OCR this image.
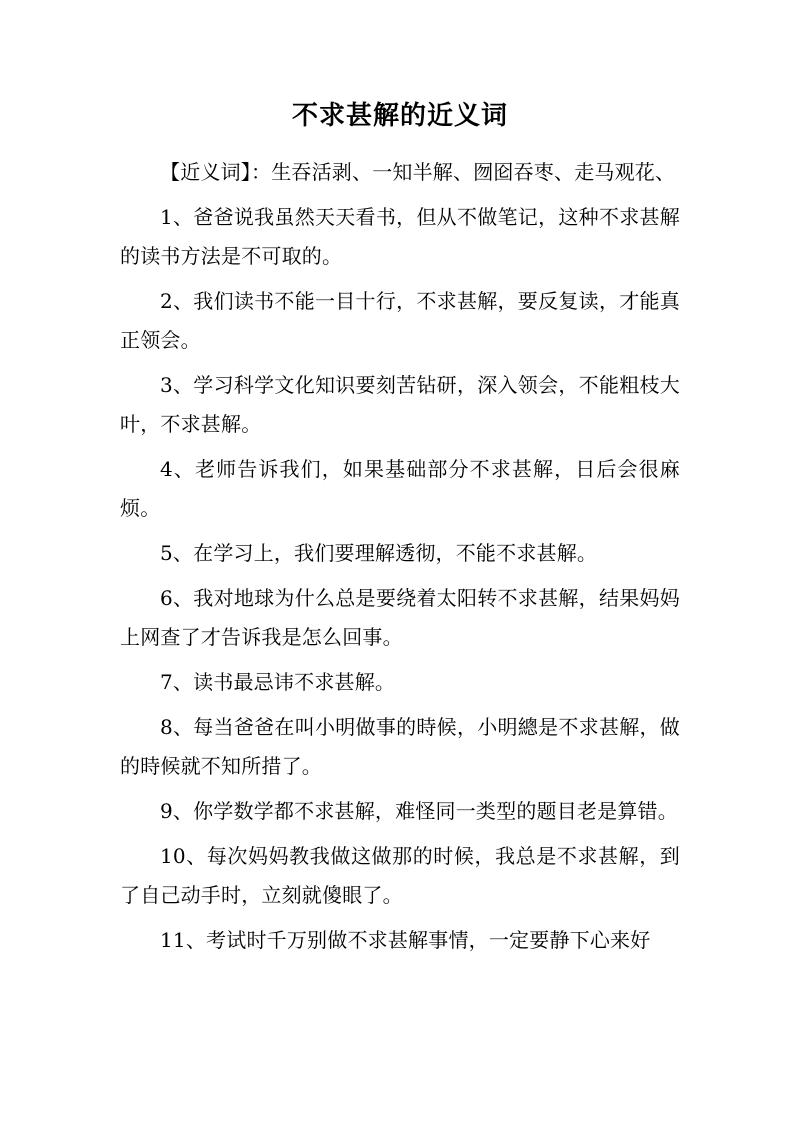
不求甚解的近义词

【近义词】：生吞活剥、一知半解、囫囵吞枣、走马观花、

1、爸爸说我虽然天天看书，但从不做笔记，这种不求甚解的读书方法是不可取的。

2、我们读书不能一目十行，不求甚解，要反复读，才能真正领会。

3、学习科学文化知识要刻苦钻研，深入领会，不能粗枝大叶，不求甚解。

4、老师告诉我们，如果基础部分不求甚解，日后会很麻烦。

5、在学习上，我们要理解透彻，不能不求甚解。

6、我对地球为什么总是要绕着太阳转不求甚解，结果妈妈上网查了才告诉我是怎么回事。

7、读书最忌讳不求甚解。

8、每当爸爸在叫小明做事的時候，小明總是不求甚解，做的時候就不知所措了。

9、你学数学都不求甚解，难怪同一类型的题目老是算错。

10、每次妈妈教我做这做那的时候，我总是不求甚解，到了自己动手时，立刻就傻眼了。

11、考试时千万别做不求甚解事情，一定要静下心来好
